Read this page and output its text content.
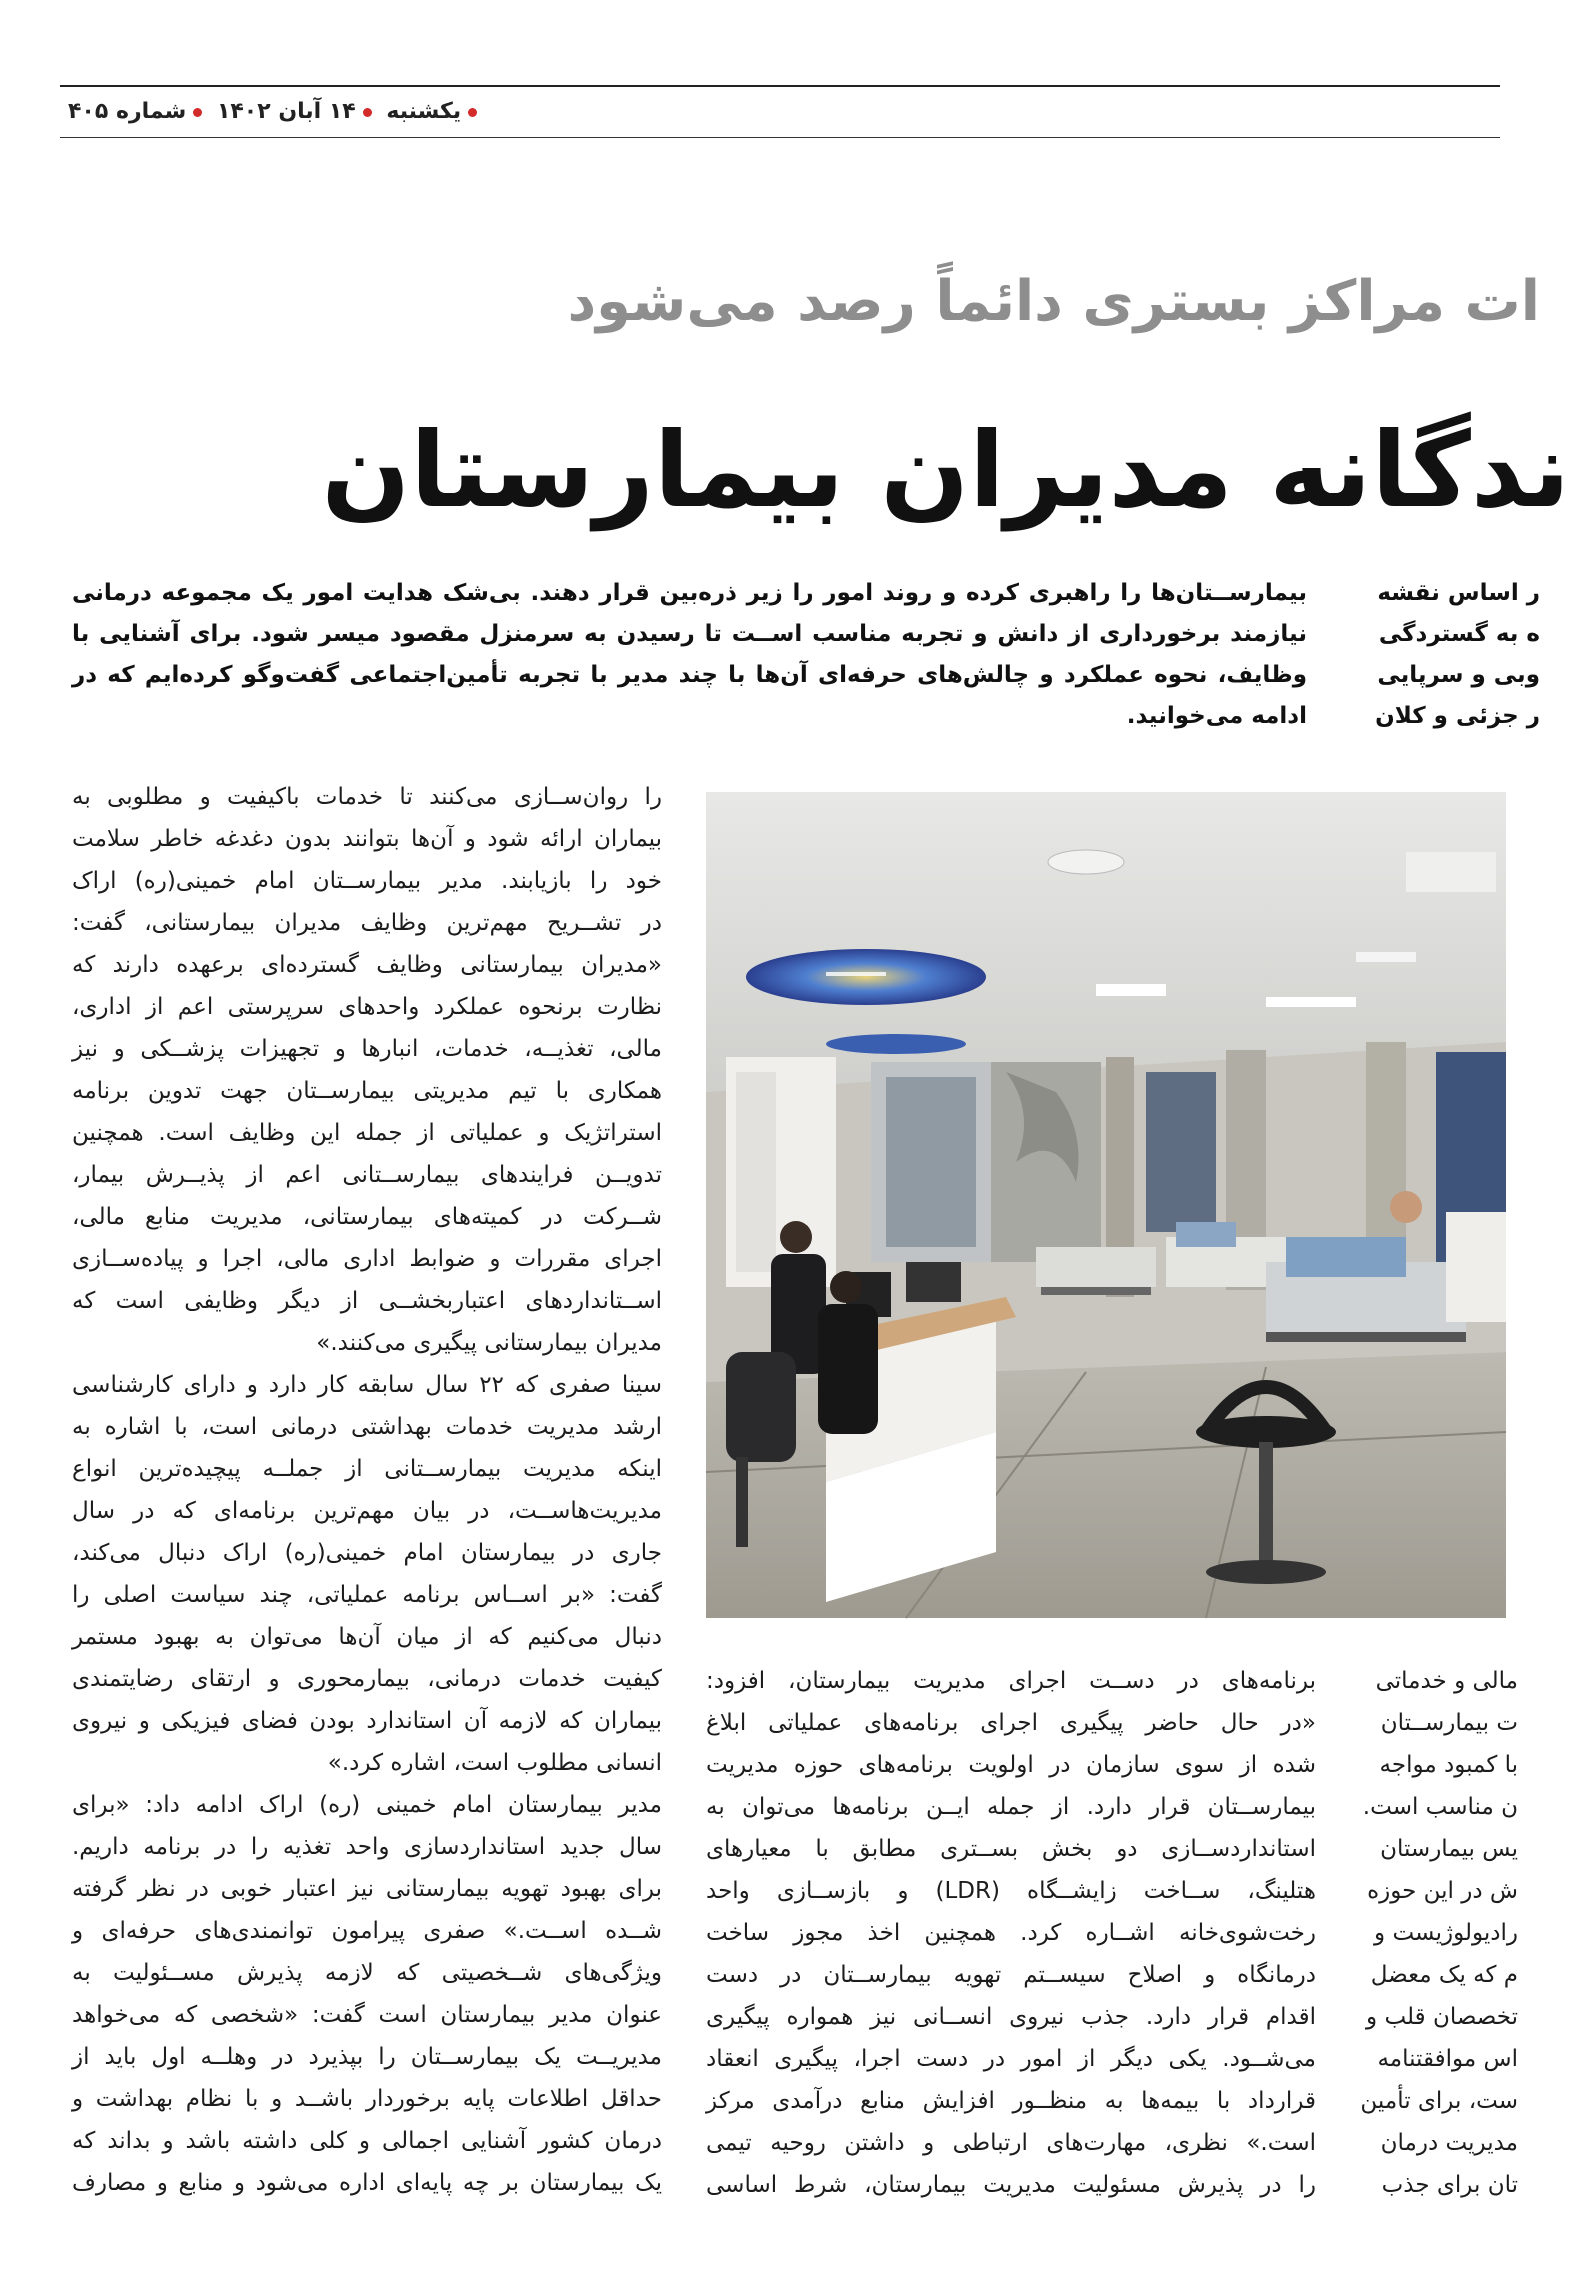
یکشنبه ۱۴ آبان ۱۴۰۲ شماره ۴۰۵
ات مراکز بستری دائماً رصد می‌شود
ندگانه مدیران بیمارستان
بیمارســتان‌ها را راهبری کرده و روند امور را زیر ذره‌بین قرار دهند. بی‌شک هدایت امور یک مجموعه درمانی
نیازمند برخورداری از دانش و تجربه مناسب اســت تا رسیدن به سرمنزل مقصود میسر شود. برای آشنایی با
وظایف، نحوه عملکرد و چالش‌های حرفه‌ای آن‌ها با چند مدیر با تجربه تأمین‌اجتماعی گفت‌وگو کرده‌ایم که در
ادامه می‌خوانید.
ر اساس نقشه
ه به گستردگی
وبی و سرپایی
ر جزئی و کلان
را روان‌ســازی می‌کنند تا خدمات باکیفیت و مطلوبی به
بیماران ارائه شود و آن‌ها بتوانند بدون دغدغه خاطر سلامت
خود را بازیابند. مدیر بیمارســتان امام خمینی(ره) اراک
در تشــریح مهم‌ترین وظایف مدیران بیمارستانی، گفت:
«مدیران بیمارستانی وظایف گسترده‌ای برعهده دارند که
نظارت برنحوه عملکرد واحدهای سرپرستی اعم از اداری،
مالی، تغذیــه، خدمات، انبارها و تجهیزات پزشــکی و نیز
همکاری با تیم مدیریتی بیمارســتان جهت تدوین برنامه
استراتژیک و عملیاتی از جمله این وظایف است. همچنین
تدویــن فرایندهای بیمارســتانی اعم از پذیــرش بیمار،
شــرکت در کمیته‌های بیمارستانی، مدیریت منابع مالی،
اجرای مقررات و ضوابط اداری مالی، اجرا و پیاده‌ســازی
اســتانداردهای اعتباربخشــی از دیگر وظایفی است که
مدیران بیمارستانی پیگیری می‌کنند.»
سینا صفری که ۲۲ سال سابقه کار دارد و دارای کارشناسی
ارشد مدیریت خدمات بهداشتی درمانی است، با اشاره به
اینکه مدیریت بیمارســتانی از جملــه پیچیده‌ترین انواع
مدیریت‌هاســت، در بیان مهم‌ترین برنامه‌ای که در سال
جاری در بیمارستان امام خمینی(ره) اراک دنبال می‌کند،
گفت: «بر اســاس برنامه عملیاتی، چند سیاست اصلی را
دنبال می‌کنیم که از میان آن‌ها می‌توان به بهبود مستمر
کیفیت خدمات درمانی، بیمارمحوری و ارتقای رضایتمندی
بیماران که لازمه آن استاندارد بودن فضای فیزیکی و نیروی
انسانی مطلوب است، اشاره کرد.»
مدیر بیمارستان امام خمینی (ره) اراک ادامه داد: «برای
سال جدید استانداردسازی واحد تغذیه را در برنامه داریم.
برای بهبود تهویه بیمارستانی نیز اعتبار خوبی در نظر گرفته
شــده اســت.» صفری پیرامون توانمندی‌های حرفه‌ای و
ویژگی‌های شــخصیتی که لازمه پذیرش مســئولیت به
عنوان مدیر بیمارستان است گفت: «شخصی که می‌خواهد
مدیریــت یک بیمارســتان را بپذیرد در وهلــه اول باید از
حداقل اطلاعات پایه برخوردار باشــد و با نظام بهداشت و
درمان کشور آشنایی اجمالی و کلی داشته باشد و بداند که
یک بیمارستان بر چه پایه‌ای اداره می‌شود و منابع و مصارف
برنامه‌های در دســت اجرای مدیریت بیمارستان، افزود:
«در حال حاضر پیگیری اجرای برنامه‌های عملیاتی ابلاغ
شده از سوی سازمان در اولویت برنامه‌های حوزه مدیریت
بیمارســتان قرار دارد. از جمله ایــن برنامه‌ها می‌توان به
استانداردســازی دو بخش بســتری مطابق با معیارهای
هتلینگ، ســاخت زایشــگاه (LDR) و بازســازی واحد
رخت‌شوی‌خانه اشــاره کرد. همچنین اخذ مجوز ساخت
درمانگاه و اصلاح سیســتم تهویه بیمارســتان در دست
اقدام قرار دارد. جذب نیروی انســانی نیز همواره پیگیری
می‌شــود. یکی دیگر از امور در دست اجرا، پیگیری انعقاد
قرارداد با بیمه‌ها به منظــور افزایش منابع درآمدی مرکز
است.» نظری، مهارت‌های ارتباطی و داشتن روحیه تیمی
را در پذیرش مسئولیت مدیریت بیمارستان، شرط اساسی
مالی و خدماتی
ت بیمارســتان
با کمبود مواجه
ن مناسب است.
یس بیمارستان
ش در این حوزه
رادیولوژیست و
م که یک معضل
تخصصان قلب و
اس موافقتنامه
ست، برای تأمین
مدیریت درمان
تان برای جذب
